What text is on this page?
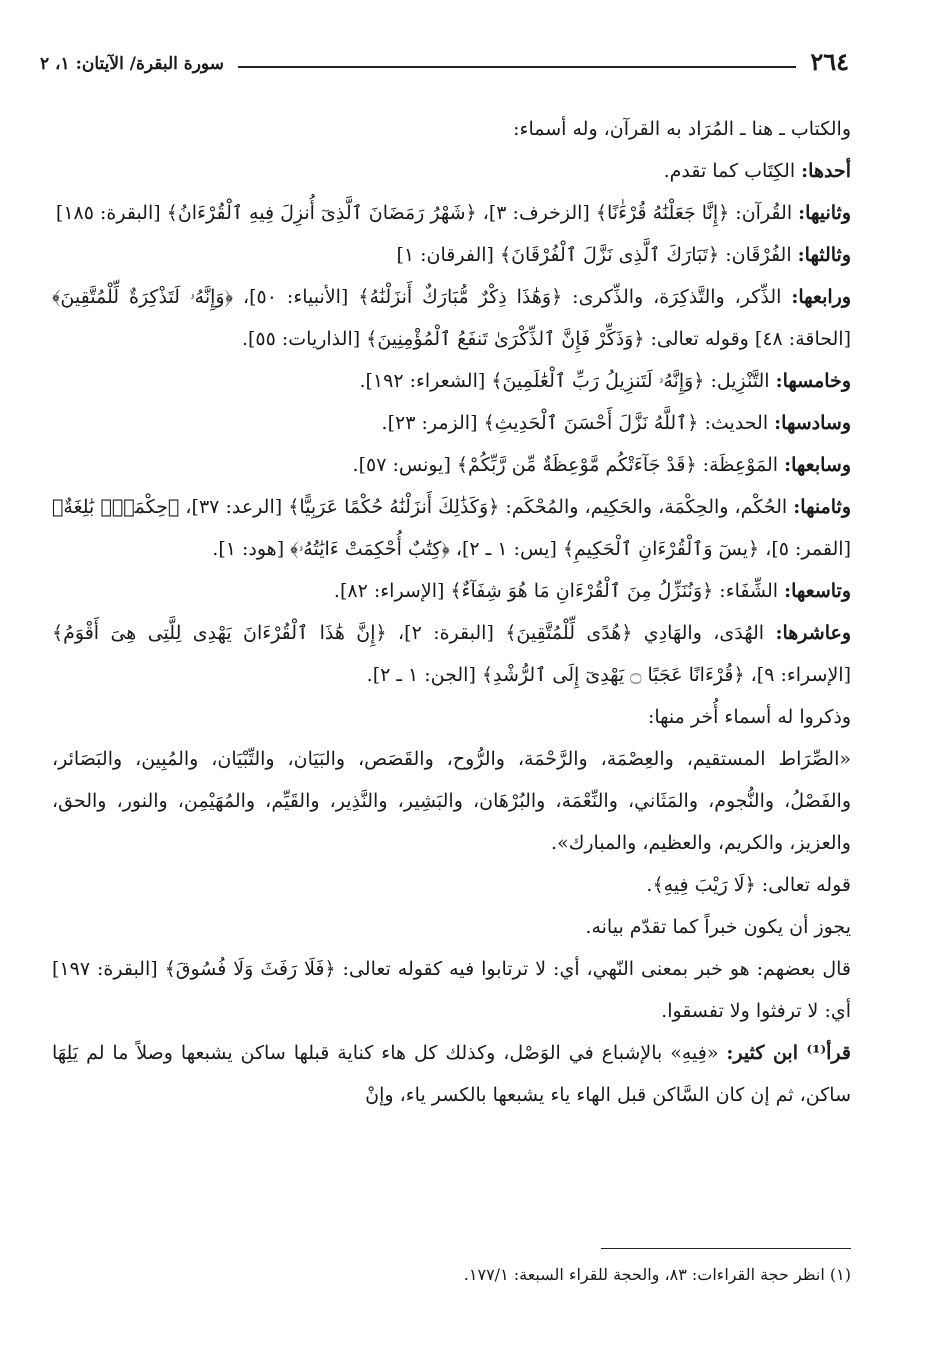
٢٦٤
سورة البقرة/ الآيتان: ١، ٢

والكتاب ـ هنا ـ المُرَاد به القرآن، وله أسماء:

أحدها: الكِتَاب كما تقدم.

وثانيها: القُرآن: ﴿إِنَّا جَعَلْنَٰهُ قُرْءَٰنًا﴾ [الزخرف: ٣]، ﴿شَهْرُ رَمَضَانَ ٱلَّذِىٓ أُنزِلَ فِيهِ ٱلْقُرْءَانُ﴾ [البقرة: ١٨٥]

وثالثها: الفُرْقَان: ﴿تَبَارَكَ ٱلَّذِى نَزَّلَ ٱلْفُرْقَانَ﴾ [الفرقان: ١]

ورابعها: الذِّكر، والتَّذكِرَة، والذِّكرى: ﴿وَهَٰذَا ذِكْرٌ مُّبَارَكٌ أَنزَلْنَٰهُ﴾ [الأنبياء: ٥٠]، ﴿وَإِنَّهُۥ لَتَذْكِرَةٌ لِّلْمُتَّقِينَ﴾ [الحاقة: ٤٨] وقوله تعالى: ﴿وَذَكِّرْ فَإِنَّ ٱلذِّكْرَىٰ تَنفَعُ ٱلْمُؤْمِنِينَ﴾ [الذاريات: ٥٥].

وخامسها: التَّنْزِيل: ﴿وَإِنَّهُۥ لَتَنزِيلُ رَبِّ ٱلْعَٰلَمِينَ﴾ [الشعراء: ١٩٢].

وسادسها: الحديث: ﴿ٱللَّهُ نَزَّلَ أَحْسَنَ ٱلْحَدِيثِ﴾ [الزمر: ٢٣].

وسابعها: المَوْعِظَة: ﴿قَدْ جَآءَتْكُم مَّوْعِظَةٌ مِّن رَّبِّكُمْ﴾ [يونس: ٥٧].

وثامنها: الحُكْم، والحِكْمَة، والحَكِيم، والمُحْكَم: ﴿وَكَذَٰلِكَ أَنزَلْنَٰهُ حُكْمًا عَرَبِيًّا﴾ [الرعد: ٣٧]، ﴿حِكْمَةٌۢ بَٰلِغَةٌ﴾ [القمر: ٥]، ﴿يسٓ وَٱلْقُرْءَانِ ٱلْحَكِيمِ﴾ [يس: ١ ـ ٢]، ﴿كِتَٰبٌ أُحْكِمَتْ ءَايَٰتُهُۥ﴾ [هود: ١].

وتاسعها: الشِّفَاء: ﴿وَنُنَزِّلُ مِنَ ٱلْقُرْءَانِ مَا هُوَ شِفَآءٌ﴾ [الإسراء: ٨٢].

وعاشرها: الهُدَى، والهَادِي ﴿هُدًى لِّلْمُتَّقِينَ﴾ [البقرة: ٢]، ﴿إِنَّ هَٰذَا ٱلْقُرْءَانَ يَهْدِى لِلَّتِى هِىَ أَقْوَمُ﴾ [الإسراء: ٩]، ﴿قُرْءَانًا عَجَبًا ۝ يَهْدِىٓ إِلَى ٱلرُّشْدِ﴾ [الجن: ١ ـ ٢].

وذكروا له أسماء أُخر منها:

«الصِّرَاط المستقيم، والعِصْمَة، والرَّحْمَة، والرُّوح، والقَصَص، والبَيَان، والتِّبْيَان، والمُبِين، والبَصَائر، والفَصْلُ، والنُّجوم، والمَثَاني، والنِّعْمَة، والبُرْهَان، والبَشِير، والنَّذِير، والقَيِّم، والمُهَيْمِن، والنور، والحق، والعزيز، والكريم، والعظيم، والمبارك».

قوله تعالى: ﴿لَا رَيْبَ فِيهِ﴾.

يجوز أن يكون خبراً كما تقدّم بيانه.

قال بعضهم: هو خبر بمعنى النّهي، أي: لا ترتابوا فيه كقوله تعالى: ﴿فَلَا رَفَثَ وَلَا فُسُوقَ﴾ [البقرة: ١٩٧] أي: لا ترفثوا ولا تفسقوا.

قرأ⁽¹⁾ ابن كثير: «فِيهِ» بالإشباع في الوَصْل، وكذلك كل هاء كناية قبلها ساكن يشبعها وصلاً ما لم يَلِهَا ساكن، ثم إن كان السَّاكن قبل الهاء ياء يشبعها بالكسر ياء، وإنْ

(١) انظر حجة القراءات: ٨٣، والحجة للقراء السبعة: ١٧٧/١.
